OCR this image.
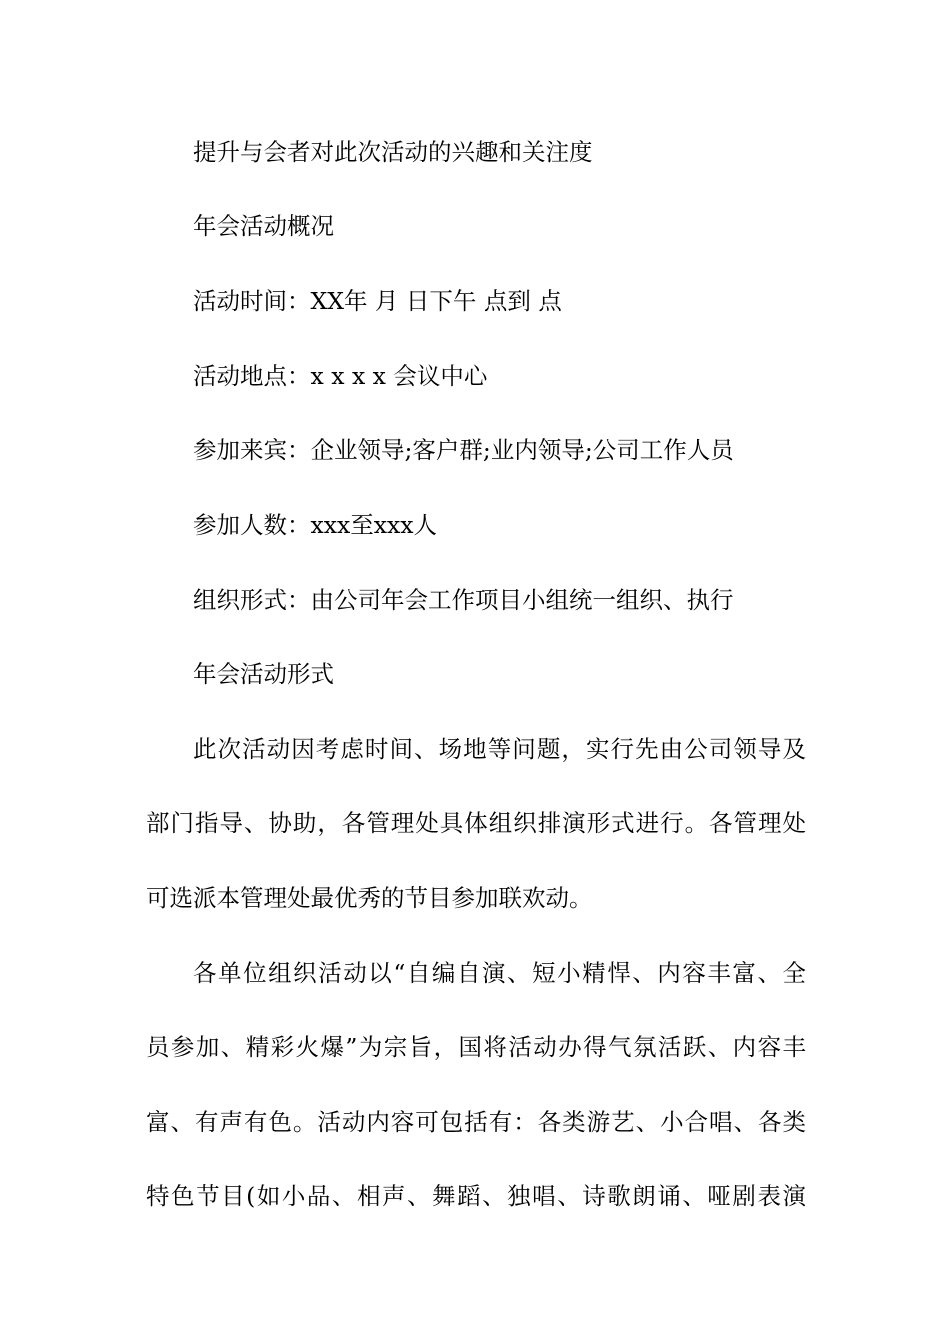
提升与会者对此次活动的兴趣和关注度
年会活动概况
活动时间：XX年 月 日下午 点到 点
活动地点：x x x x 会议中心
参加来宾：企业领导;客户群;业内领导;公司工作人员
参加人数：xxx至xxx人
组织形式：由公司年会工作项目小组统一组织、执行
年会活动形式
此次活动因考虑时间、场地等问题，实行先由公司领导及
部门指导、协助，各管理处具体组织排演形式进行。各管理处
可选派本管理处最优秀的节目参加联欢动。
各单位组织活动以“自编自演、短小精悍、内容丰富、全
员参加、精彩火爆”为宗旨，国将活动办得气氛活跃、内容丰
富、有声有色。活动内容可包括有：各类游艺、小合唱、各类
特色节目(如小品、相声、舞蹈、独唱、诗歌朗诵、哑剧表演
